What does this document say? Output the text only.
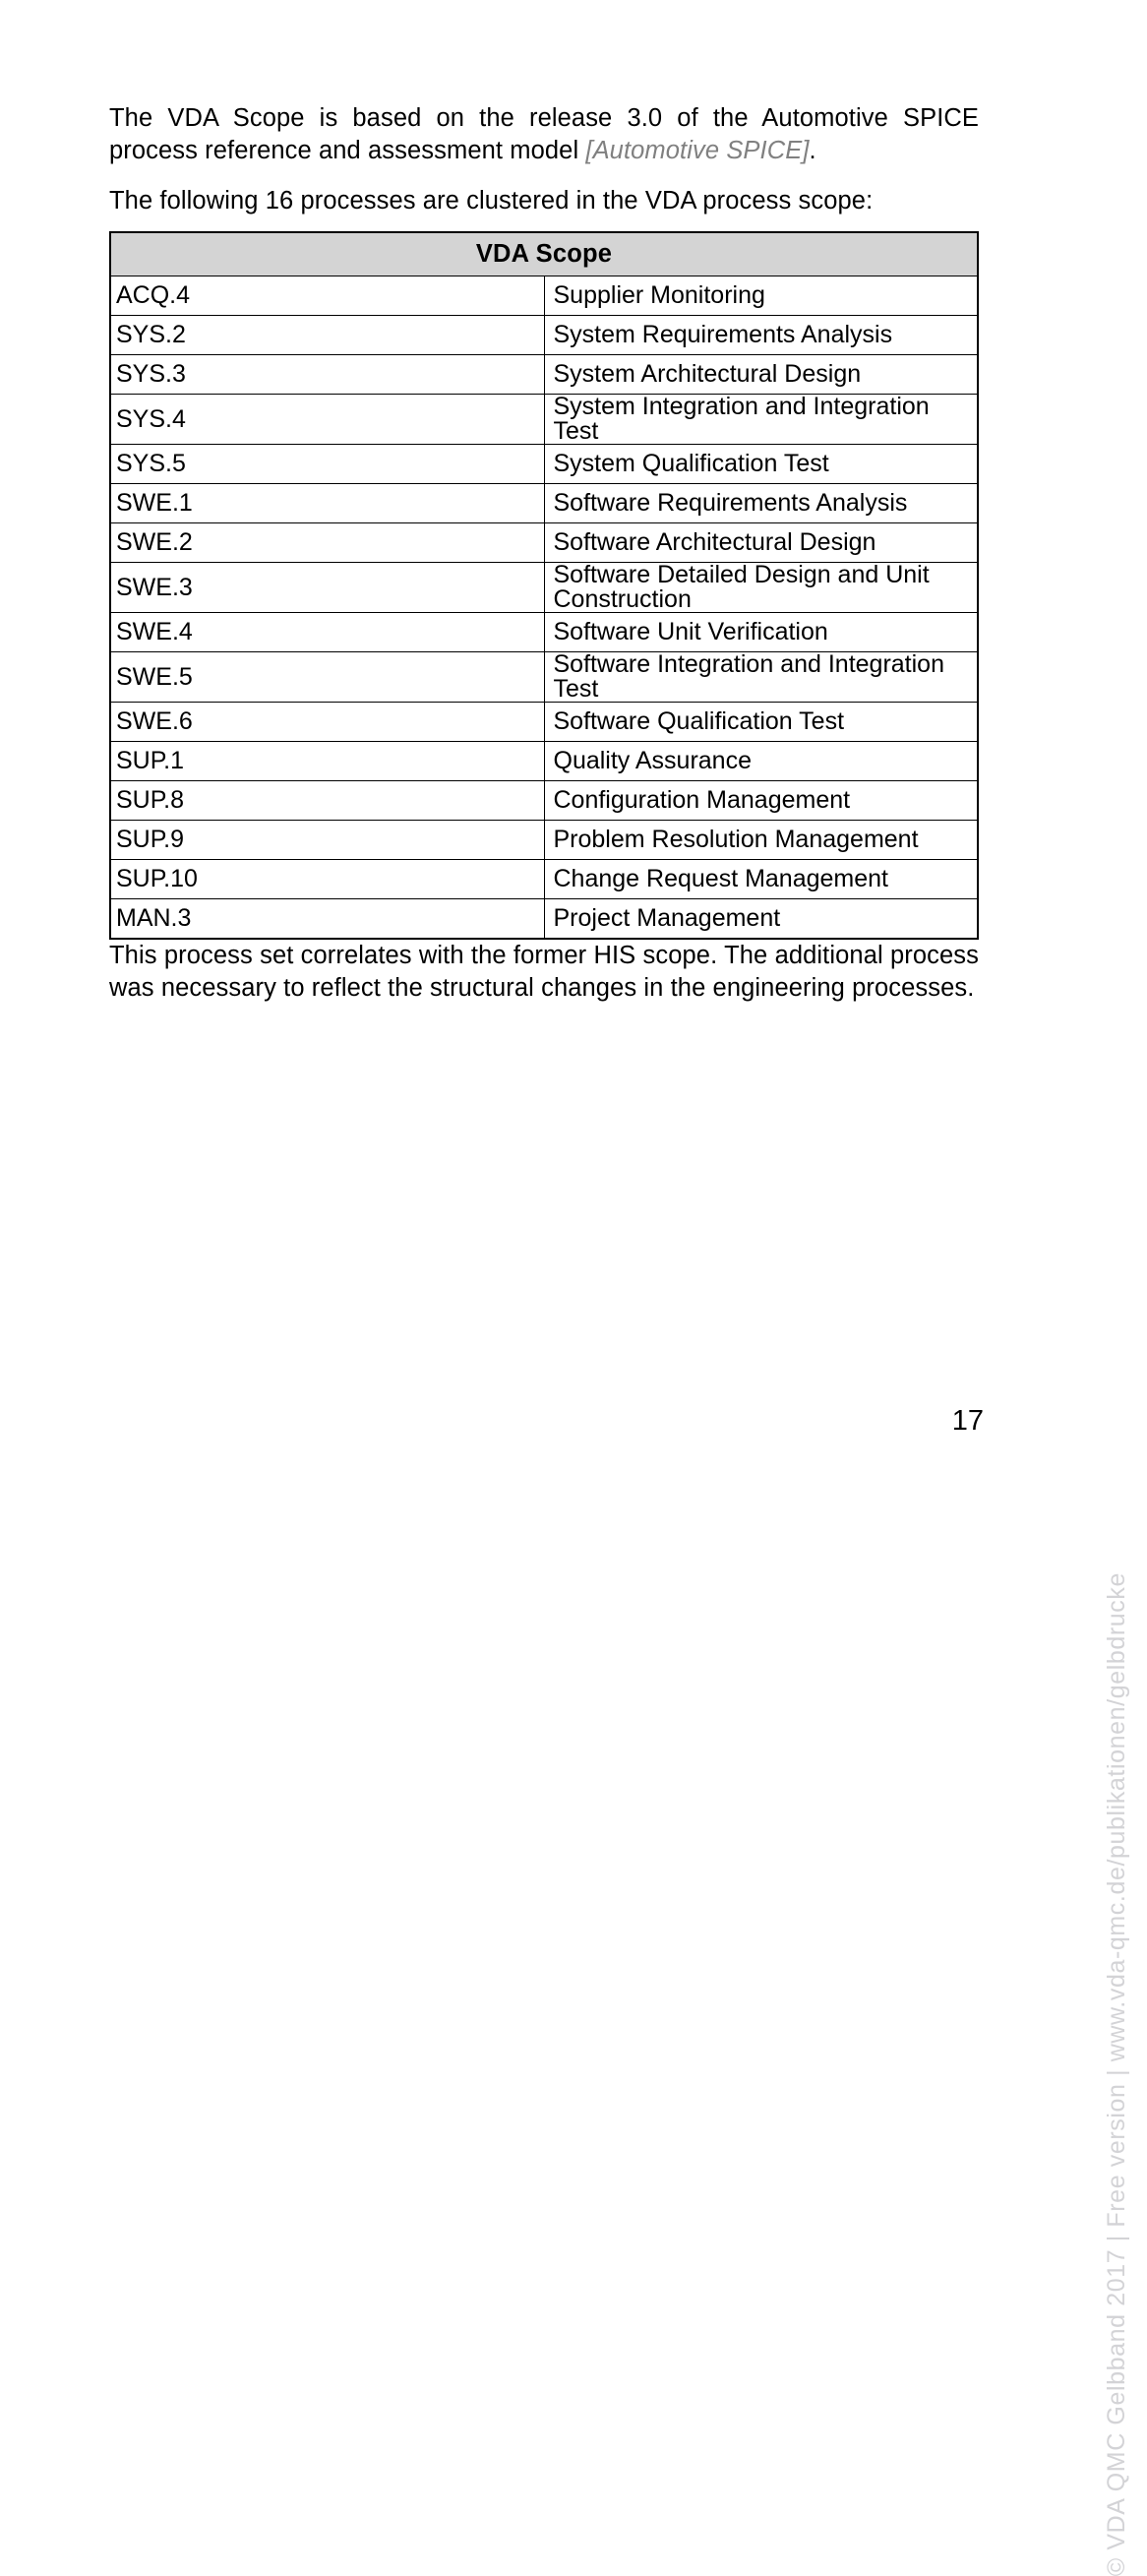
The VDA Scope is based on the release 3.0 of the Automotive SPICE process reference and assessment model [Automotive SPICE].

The following 16 processes are clustered in the VDA process scope:

VDA Scope	
ACQ.4	Supplier Monitoring
SYS.2	System Requirements Analysis
SYS.3	System Architectural Design
SYS.4	System Integration and Integration Test
SYS.5	System Qualification Test
SWE.1	Software Requirements Analysis
SWE.2	Software Architectural Design
SWE.3	Software Detailed Design and Unit Construction
SWE.4	Software Unit Verification
SWE.5	Software Integration and Integration Test
SWE.6	Software Qualification Test
SUP.1	Quality Assurance
SUP.8	Configuration Management
SUP.9	Problem Resolution Management
SUP.10	Change Request Management
MAN.3	Project Management

This process set correlates with the former HIS scope. The additional process was necessary to reflect the structural changes in the engineering processes.

17
© VDA QMC Gelbband 2017 | Free version | www.vda-qmc.de/publikationen/gelbdrucke
